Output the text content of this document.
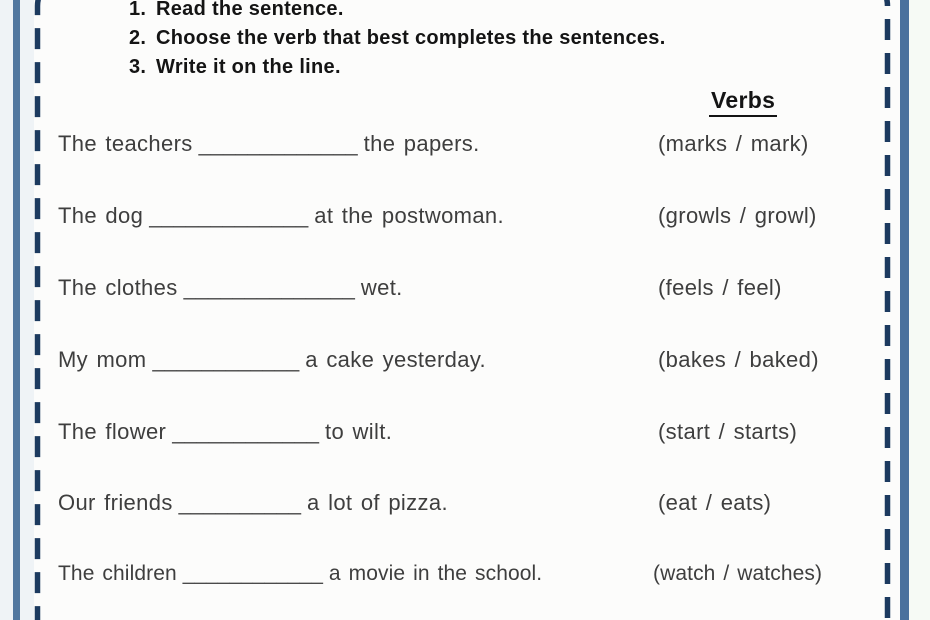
1. Read the sentence.
2. Choose the verb that best completes the sentences.
3. Write it on the line.
Verbs
The teachers _____________ the papers.	(marks / mark)
The dog _____________ at the postwoman.	(growls / growl)
The clothes ______________ wet.	(feels / feel)
My mom ____________ a cake yesterday.	(bakes / baked)
The flower ____________ to wilt.	(start / starts)
Our friends __________ a lot of pizza.	(eat / eats)
The children ____________ a movie in the school.	(watch / watches)
